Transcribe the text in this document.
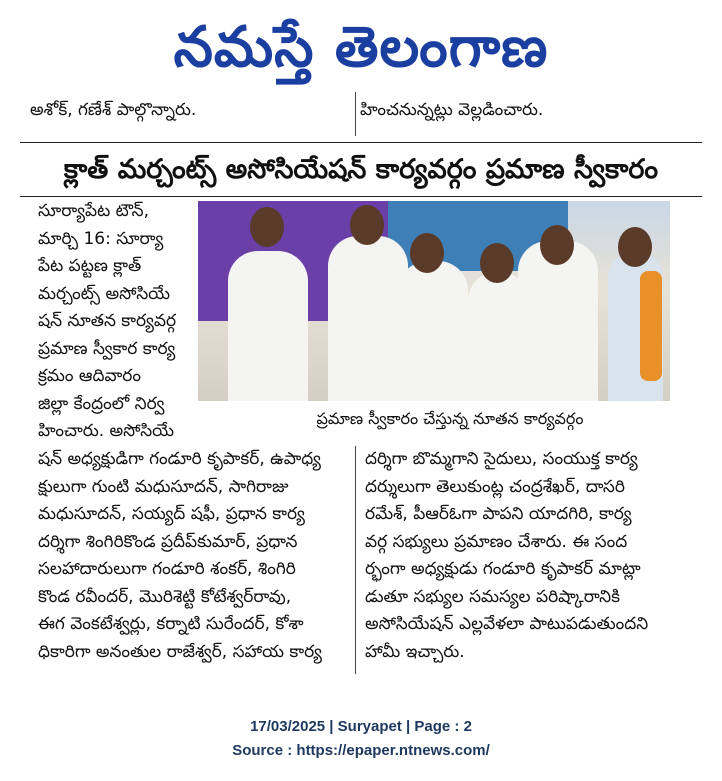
నమస్తే తెలంగాణ

అశోక్, గణేశ్ పాల్గొన్నారు.
	హించనున్నట్లు వెల్లడించారు.
క్లాత్ మర్చంట్స్ అసోసియేషన్ కార్యవర్గం ప్రమాణ స్వీకారం
సూర్యాపేట టౌన్,
మార్చి 16: సూర్యా
పేట పట్టణ క్లాత్
మర్చంట్స్ అసోసియే
షన్ నూతన కార్యవర్గ
ప్రమాణ స్వీకార కార్య
క్రమం ఆదివారం
జిల్లా కేంద్రంలో నిర్వ
హించారు. అసోసియే
ప్రమాణ స్వీకారం చేస్తున్న నూతన కార్యవర్గం
షన్ అధ్యక్షుడిగా గండూరి కృపాకర్, ఉపాధ్య
క్షులుగా గుంటి మధుసూదన్, సాగిరాజు
మధుసూదన్, సయ్యద్ షఫీ, ప్రధాన కార్య
దర్శిగా శింగిరికొండ ప్రదీప్‌కుమార్, ప్రధాన
సలహాదారులుగా గండూరి శంకర్, శింగిరి
కొండ రవీందర్, మొరిశెట్టి కోటేశ్వర్‌రావు,
ఈగ వెంకటేశ్వర్లు, కర్నాటి సురేందర్, కోశా
ధికారిగా అనంతుల రాజేశ్వర్, సహాయ కార్య
దర్శిగా బొమ్మగాని సైదులు, సంయుక్త కార్య
దర్శులుగా తెలుకుంట్ల చంద్రశేఖర్, దాసరి
రమేశ్, పీఆర్‌ఓగా పాపని యాదగిరి, కార్య
వర్గ సభ్యులు ప్రమాణం చేశారు. ఈ సంద
ర్భంగా అధ్యక్షుడు గండూరి కృపాకర్ మాట్లా
డుతూ సభ్యుల సమస్యల పరిష్కారానికి
అసోసియేషన్ ఎల్లవేళలా పాటుపడుతుందని
హామీ ఇచ్చారు.
17/03/2025 | Suryapet | Page : 2
Source : https://epaper.ntnews.com/
